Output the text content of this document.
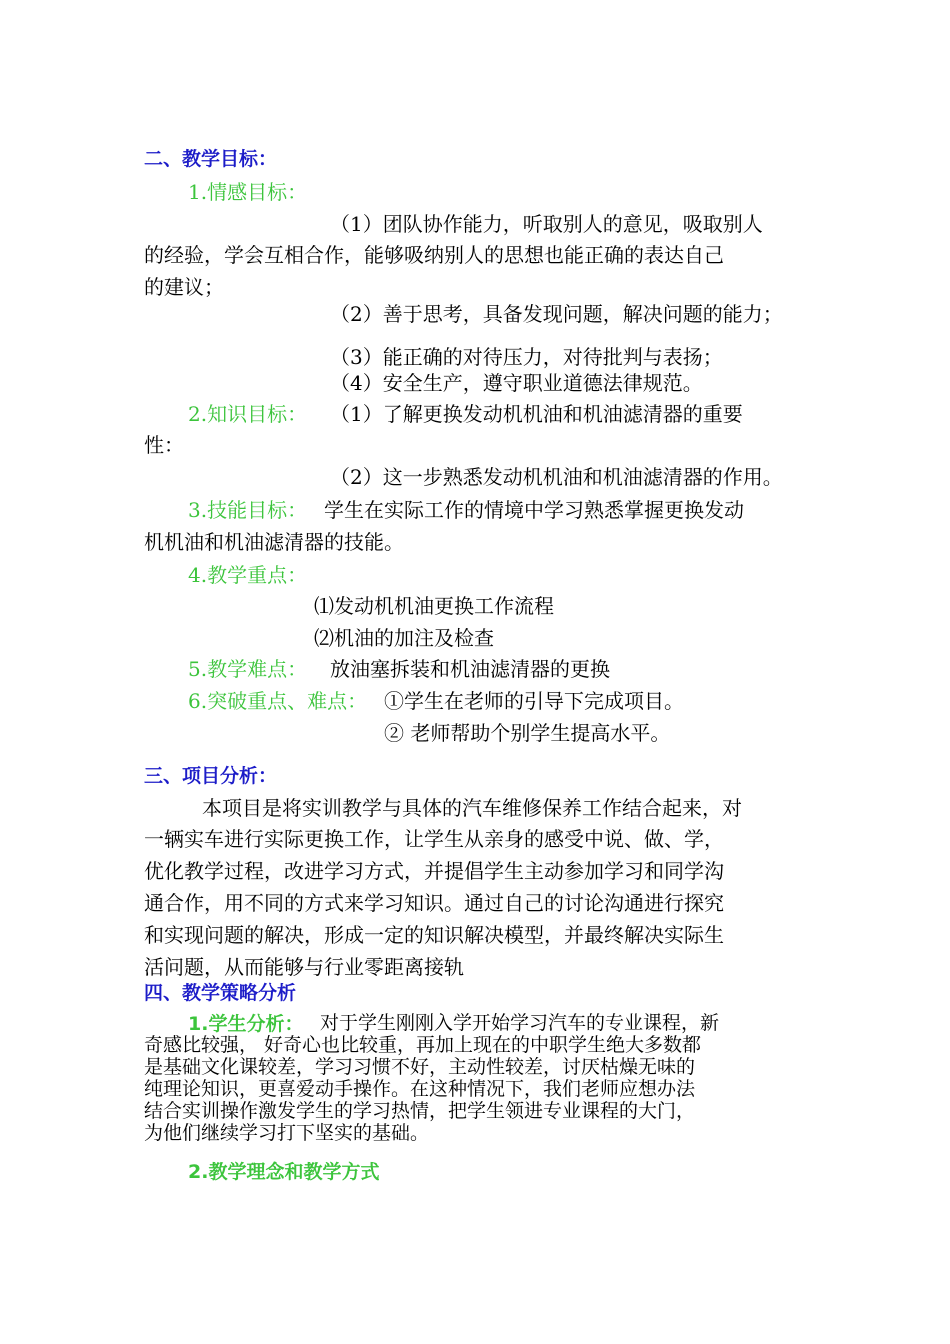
二、教学目标：
1.情感目标：
（1）团队协作能力，听取别人的意见，吸取别人
的经验，学会互相合作，能够吸纳别人的思想也能正确的表达自己
的建议；
（2）善于思考，具备发现问题，解决问题的能力；
（3）能正确的对待压力，对待批判与表扬；
（4）安全生产，遵守职业道德法律规范。
2.知识目标： （1）了解更换发动机机油和机油滤清器的重要
性：
（2）这一步熟悉发动机机油和机油滤清器的作用。
3.技能目标： 学生在实际工作的情境中学习熟悉掌握更换发动
机机油和机油滤清器的技能。
4.教学重点：
⑴发动机机油更换工作流程
⑵机油的加注及检查
5.教学难点： 放油塞拆装和机油滤清器的更换
6.突破重点、难点： ①学生在老师的引导下完成项目。
② 老师帮助个别学生提高水平。
三、项目分析：
本项目是将实训教学与具体的汽车维修保养工作结合起来，对
一辆实车进行实际更换工作，让学生从亲身的感受中说、做、学，
优化教学过程，改进学习方式，并提倡学生主动参加学习和同学沟
通合作，用不同的方式来学习知识。通过自己的讨论沟通进行探究
和实现问题的解决，形成一定的知识解决模型，并最终解决实际生
活问题，从而能够与行业零距离接轨
四、教学策略分析
1.学生分析： 对于学生刚刚入学开始学习汽车的专业课程，新
奇感比较强， 好奇心也比较重，再加上现在的中职学生绝大多数都
是基础文化课较差，学习习惯不好，主动性较差，讨厌枯燥无味的
纯理论知识，更喜爱动手操作。在这种情况下，我们老师应想办法
结合实训操作激发学生的学习热情，把学生领进专业课程的大门，
为他们继续学习打下坚实的基础。
2.教学理念和教学方式
